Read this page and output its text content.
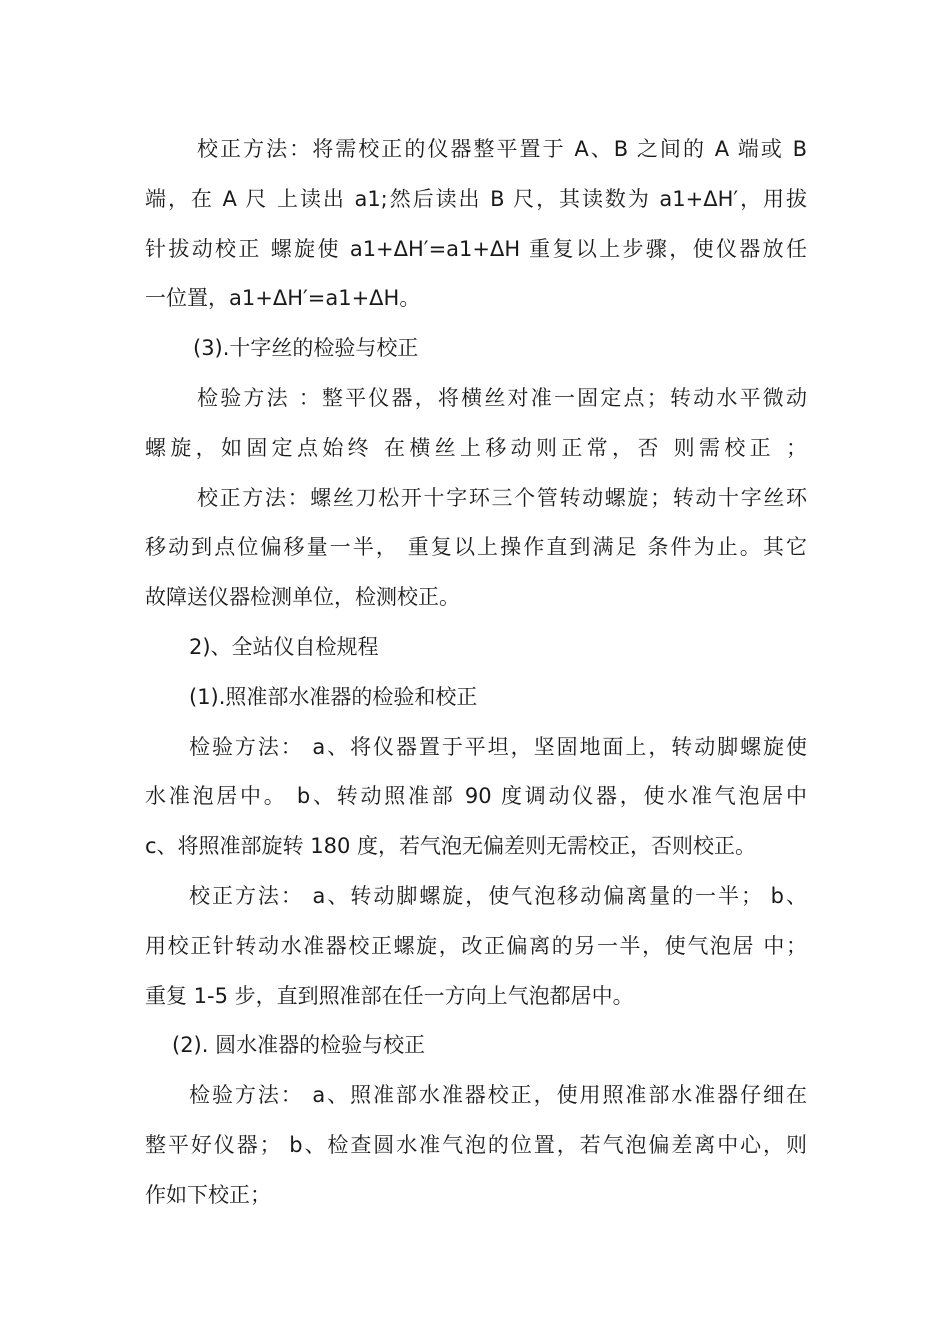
校正方法：将需校正的仪器整平置于 A、B 之间的 A 端或 B
端，在 A 尺 上读出 a1;然后读出 B 尺，其读数为 a1+ΔH′，用拔
针拔动校正 螺旋使 a1+ΔH′=a1+ΔH 重复以上步骤，使仪器放任
一位置，a1+ΔH′=a1+ΔH。
(3).十字丝的检验与校正
检验方法 ：整平仪器，将横丝对准一固定点；转动水平微动
螺旋，如固定点始终 在横丝上移动则正常，否 则需校正 ；
校正方法：螺丝刀松开十字环三个管转动螺旋；转动十字丝环
移动到点位偏移量一半， 重复以上操作直到满足 条件为止。其它
故障送仪器检测单位，检测校正。
2)、全站仪自检规程
(1).照准部水准器的检验和校正
检验方法： a、将仪器置于平坦，坚固地面上，转动脚螺旋使
水准泡居中。 b、转动照准部 90 度调动仪器，使水准气泡居中
c、将照准部旋转 180 度，若气泡无偏差则无需校正，否则校正。
校正方法： a、转动脚螺旋，使气泡移动偏离量的一半； b、
用校正针转动水准器校正螺旋，改正偏离的另一半，使气泡居 中；
重复 1-5 步，直到照准部在任一方向上气泡都居中。
(2). 圆水准器的检验与校正
检验方法： a、照准部水准器校正，使用照准部水准器仔细在
整平好仪器； b、检查圆水准气泡的位置，若气泡偏差离中心，则
作如下校正；
